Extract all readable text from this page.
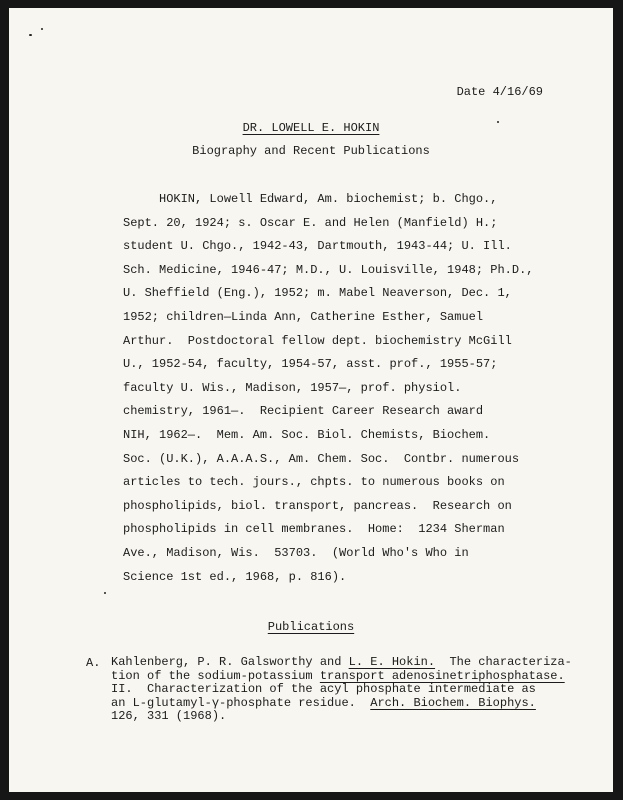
Date 4/16/69
DR. LOWELL E. HOKIN
Biography and Recent Publications
HOKIN, Lowell Edward, Am. biochemist; b. Chgo.,
Sept. 20, 1924; s. Oscar E. and Helen (Manfield) H.;
student U. Chgo., 1942-43, Dartmouth, 1943-44; U. Ill.
Sch. Medicine, 1946-47; M.D., U. Louisville, 1948; Ph.D.,
U. Sheffield (Eng.), 1952; m. Mabel Neaverson, Dec. 1,
1952; children—Linda Ann, Catherine Esther, Samuel
Arthur.  Postdoctoral fellow dept. biochemistry McGill
U., 1952-54, faculty, 1954-57, asst. prof., 1955-57;
faculty U. Wis., Madison, 1957—, prof. physiol.
chemistry, 1961—.  Recipient Career Research award
NIH, 1962—.  Mem. Am. Soc. Biol. Chemists, Biochem.
Soc. (U.K.), A.A.A.S., Am. Chem. Soc.  Contbr. numerous
articles to tech. jours., chpts. to numerous books on
phospholipids, biol. transport, pancreas.  Research on
phospholipids in cell membranes.  Home:  1234 Sherman
Ave., Madison, Wis.  53703.  (World Who's Who in
Science 1st ed., 1968, p. 816).
Publications
A. Kahlenberg, P. R. Galsworthy and L. E. Hokin.  The characteriza-
tion of the sodium-potassium transport adenosinetriphosphatase.
II.  Characterization of the acyl phosphate intermediate as
an L-glutamyl-γ-phosphate residue.  Arch. Biochem. Biophys.
126, 331 (1968).
